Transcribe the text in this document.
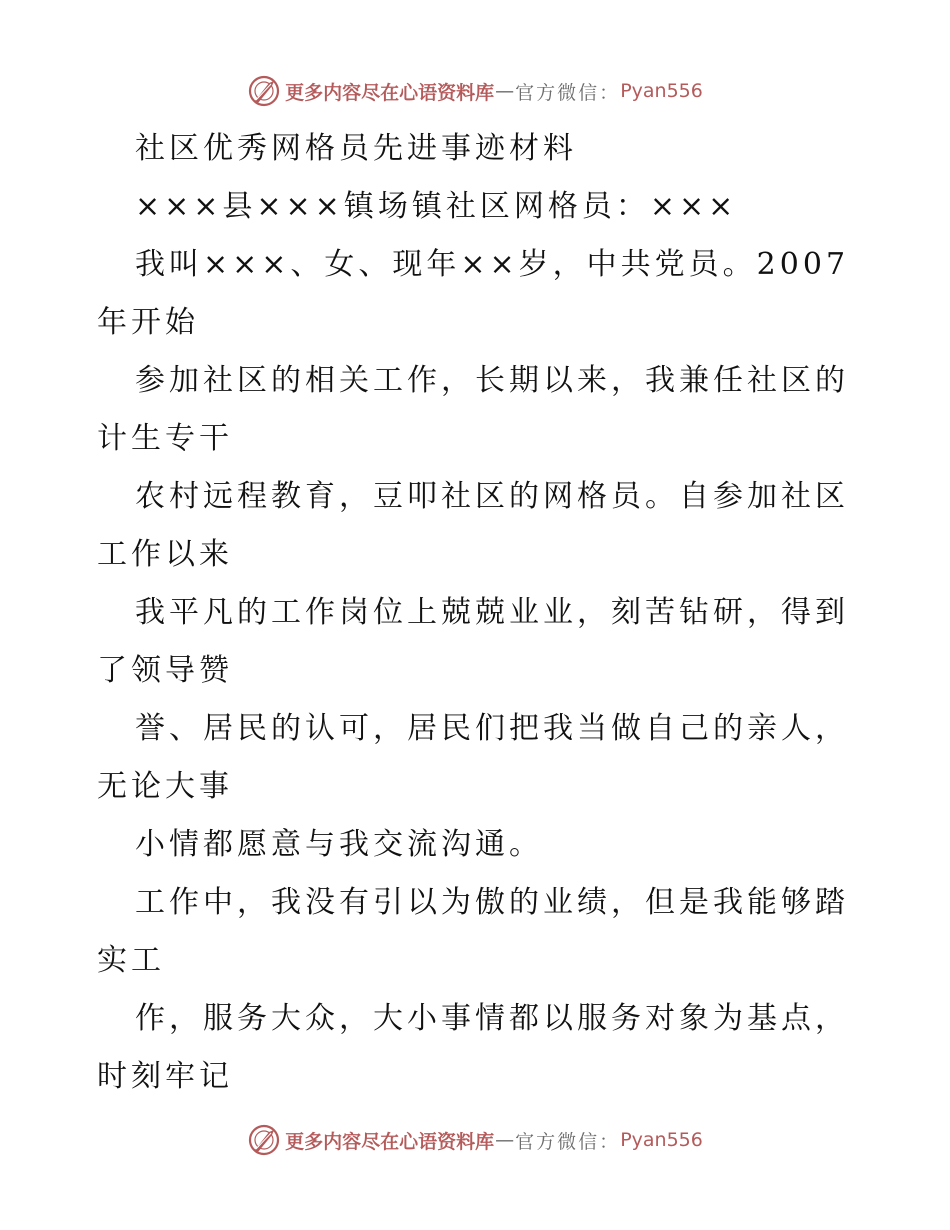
更多内容尽在心语资料库 — 官方微信： Pyan556
社区优秀网格员先进事迹材料
×××县×××镇场镇社区网格员：×××
我叫×××、女、现年××岁，中共党员。2007
年开始
参加社区的相关工作，长期以来，我兼任社区的
计生专干
农村远程教育，豆叩社区的网格员。自参加社区
工作以来
我平凡的工作岗位上兢兢业业，刻苦钻研，得到
了领导赞
誉、居民的认可，居民们把我当做自己的亲人，
无论大事
小情都愿意与我交流沟通。
工作中，我没有引以为傲的业绩，但是我能够踏
实工
作，服务大众，大小事情都以服务对象为基点，
时刻牢记
更多内容尽在心语资料库 — 官方微信： Pyan556
